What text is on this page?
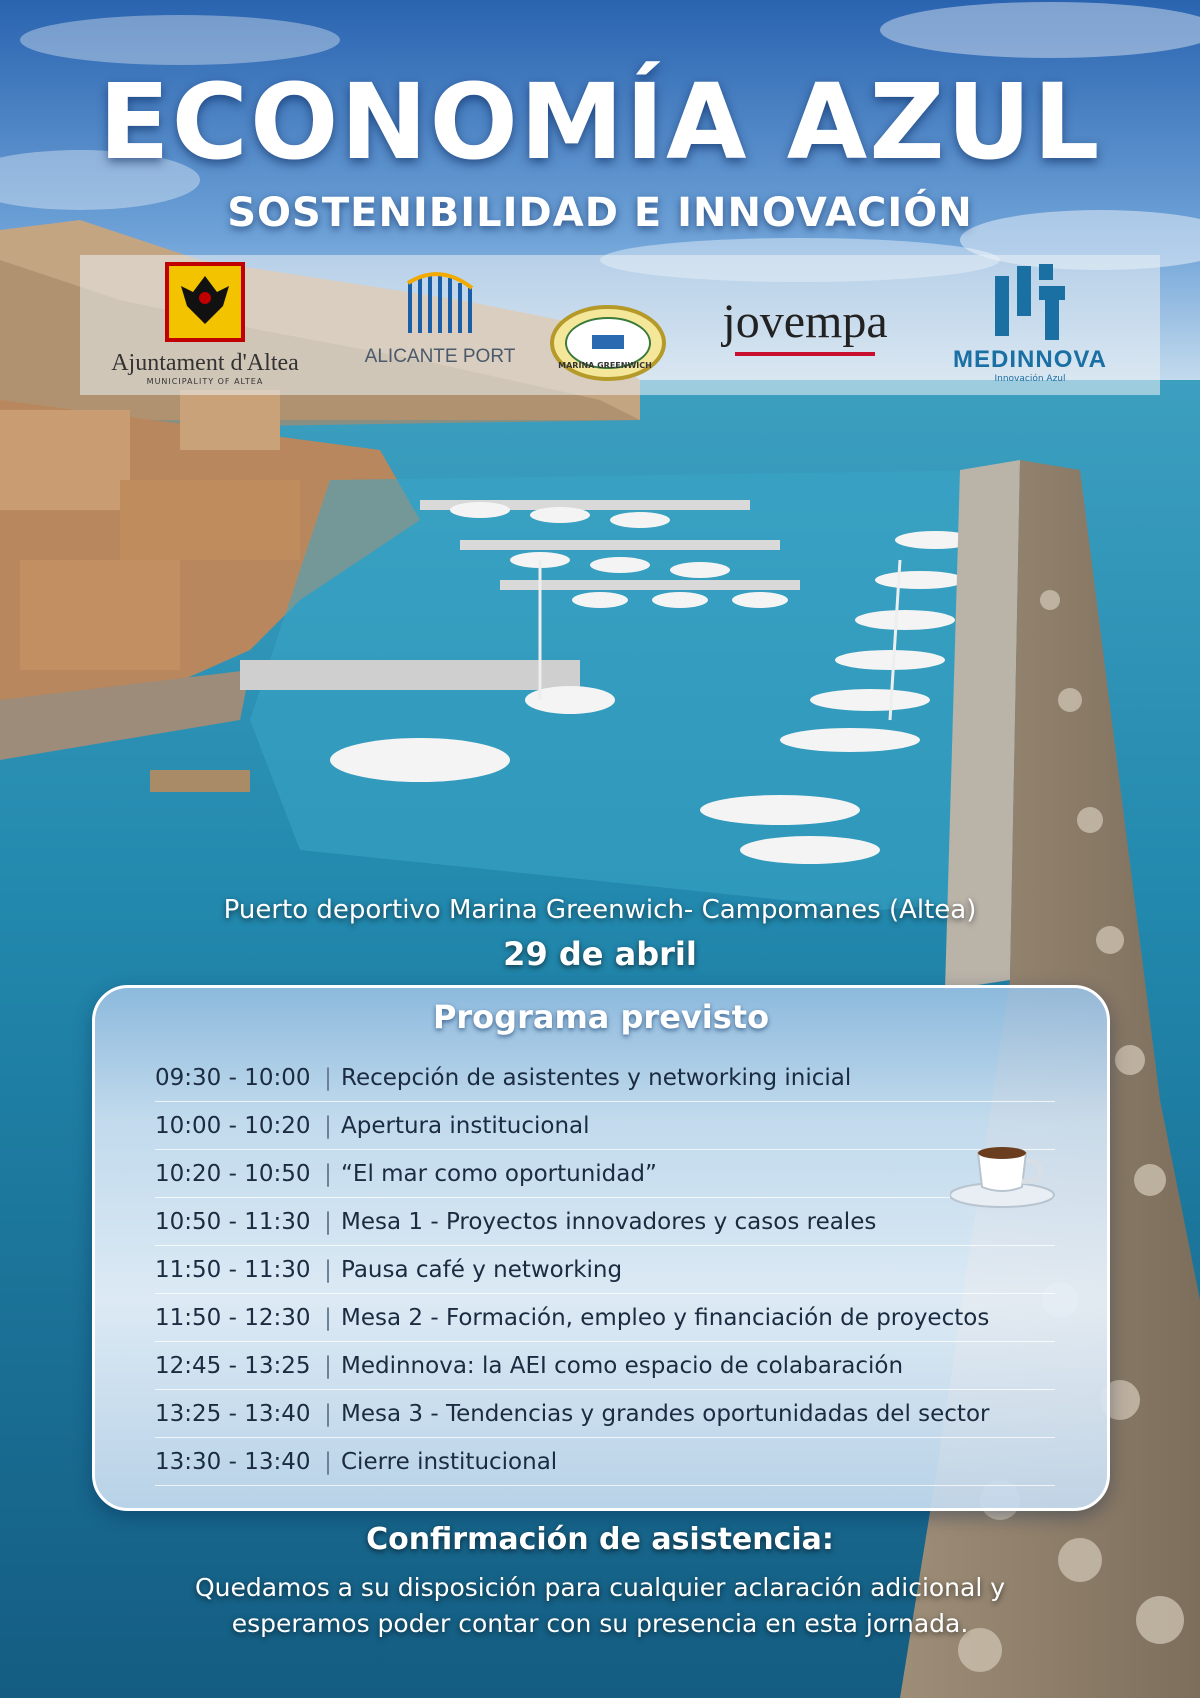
ECONOMÍA AZUL
SOSTENIBILIDAD E INNOVACIÓN
Ajuntament d'Altea
MUNICIPALITY OF ALTEA
ALICANTE PORT	MARINA GREENWICH
jovempa
MEDINNOVA
Innovación Azul
Puerto deportivo Marina Greenwich- Campomanes (Altea)
29 de abril
Programa previsto
09:30 - 10:00 | Recepción de asistentes y networking inicial
10:00 - 10:20 | Apertura institucional
10:20 - 10:50 | “El mar como oportunidad”
10:50 - 11:30 | Mesa 1 - Proyectos innovadores y casos reales
11:50 - 11:30 | Pausa café y networking
11:50 - 12:30 | Mesa 2 - Formación, empleo y financiación de proyectos
12:45 - 13:25 | Medinnova: la AEI como espacio de colabaración
13:25 - 13:40 | Mesa 3 - Tendencias y grandes oportunidadas del sector
13:30 - 13:40 | Cierre institucional
Confirmación de asistencia:
Quedamos a su disposición para cualquier aclaración adicional y
esperamos poder contar con su presencia en esta jornada.
